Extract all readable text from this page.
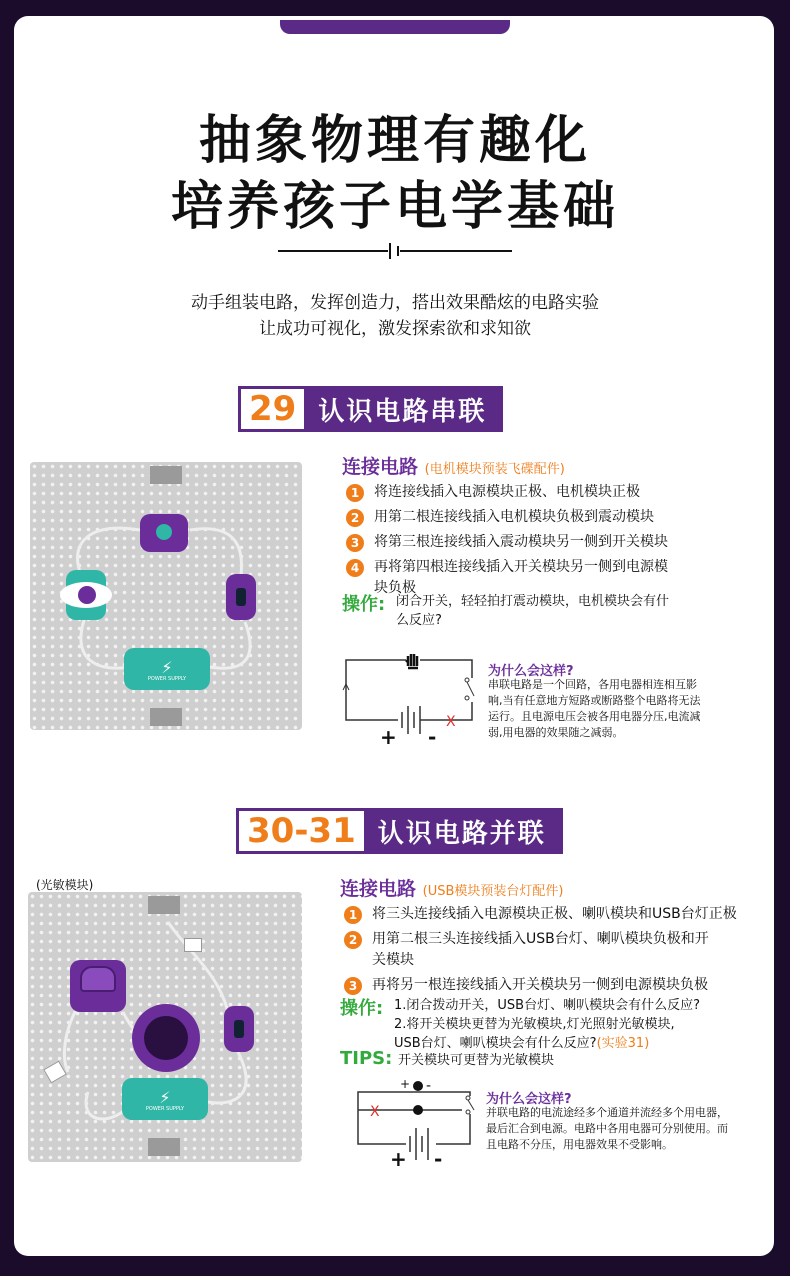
抽象物理有趣化
培养孩子电学基础
动手组装电路，发挥创造力，搭出效果酷炫的电路实验
让成功可视化，激发探索欲和求知欲
29 认识电路串联
⚡
POWER SUPPLY
连接电路 (电机模块预装飞碟配件)
1	将连接线插入电源模块正极、电机模块正极
2	用第二根连接线插入电机模块负极到震动模块
3	将第三根连接线插入震动模块另一侧到开关模块
4	再将第四根连接线插入开关模块另一侧到电源模块负极
操作: 闭合开关，轻轻拍打震动模块，电机模块会有什么反应?
+ -
X
为什么会这样?
串联电路是一个回路，各用电器相连相互影响,当有任意地方短路或断路整个电路将无法运行。且电源电压会被各用电器分压,电流减弱,用电器的效果随之减弱。
30-31 认识电路并联
(光敏模块)
⚡
POWER SUPPLY
连接电路 (USB模块预装台灯配件)
1	将三头连接线插入电源模块正极、喇叭模块和USB台灯正极
2	用第二根三头连接线插入USB台灯、喇叭模块负极和开关模块
3	再将另一根连接线插入开关模块另一侧到电源模块负极
操作: 1.闭合拨动开关，USB台灯、喇叭模块会有什么反应?
2.将开关模块更替为光敏模块,灯光照射光敏模块,
USB台灯、喇叭模块会有什么反应?(实验31)
TIPS: 开关模块可更替为光敏模块
+ -
X
+ -
为什么会这样?
并联电路的电流途经多个通道并流经多个用电器，最后汇合到电源。电路中各用电器可分别使用。而且电路不分压，用电器效果不受影响。
